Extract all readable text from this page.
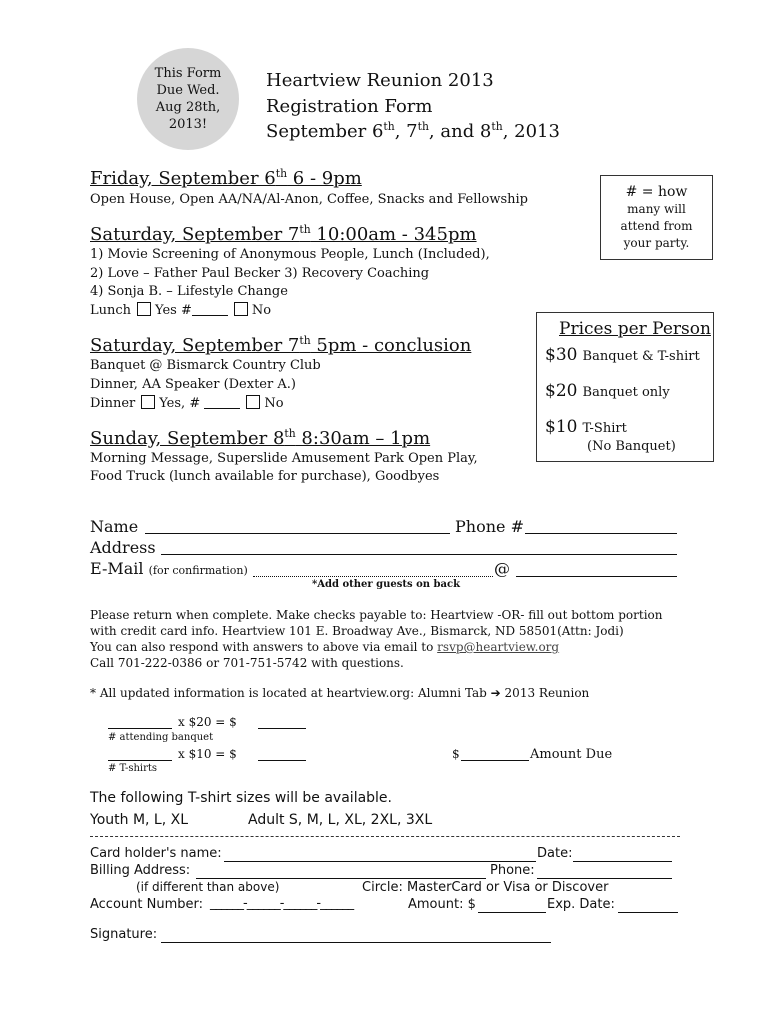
This Form
Due Wed.
Aug 28th,
2013!
Heartview Reunion 2013
Registration Form
September 6th, 7th, and 8th, 2013
Friday, September 6th 6 - 9pm
Open House, Open AA/NA/Al-Anon, Coffee, Snacks and Fellowship	# = how
many will
attend from
your party.
Saturday, September 7th 10:00am - 345pm
1) Movie Screening of Anonymous People, Lunch (Included),
2) Love – Father Paul Becker 3) Recovery Coaching
4) Sonja B. – Lifestyle Change
Lunch Yes #	No
Prices per Person
$30 Banquet & T-shirt
$20 Banquet only
$10 T-Shirt
(No Banquet)
Saturday, September 7th 5pm - conclusion
Banquet @ Bismarck Country Club
Dinner, AA Speaker (Dexter A.)
Dinner Yes, #	No
Sunday, September 8th 8:30am – 1pm
Morning Message, Superslide Amusement Park Open Play,
Food Truck (lunch available for purchase), Goodbyes
Name	Phone #
Address
E-Mail (for confirmation)	@
*Add other guests on back
Please return when complete. Make checks payable to: Heartview -OR- fill out bottom portion
with credit card info. Heartview 101 E. Broadway Ave., Bismarck, ND 58501(Attn: Jodi)
You can also respond with answers to above via email to rsvp@heartview.org
Call 701-222-0386 or 701-751-5742 with questions.
* All updated information is located at heartview.org: Alumni Tab ➔ 2013 Reunion
x $20 = $
# attending banquet
x $10 = $
# T-shirts
$	Amount Due
The following T-shirt sizes will be available.
Youth M, L, XL	Adult S, M, L, XL, 2XL, 3XL
Card holder's name:	Date:
Billing Address:	Phone:
(if different than above)	Circle: MasterCard or Visa or Discover
Account Number: ______-______-______-______	Amount: $	Exp. Date:
Signature:
